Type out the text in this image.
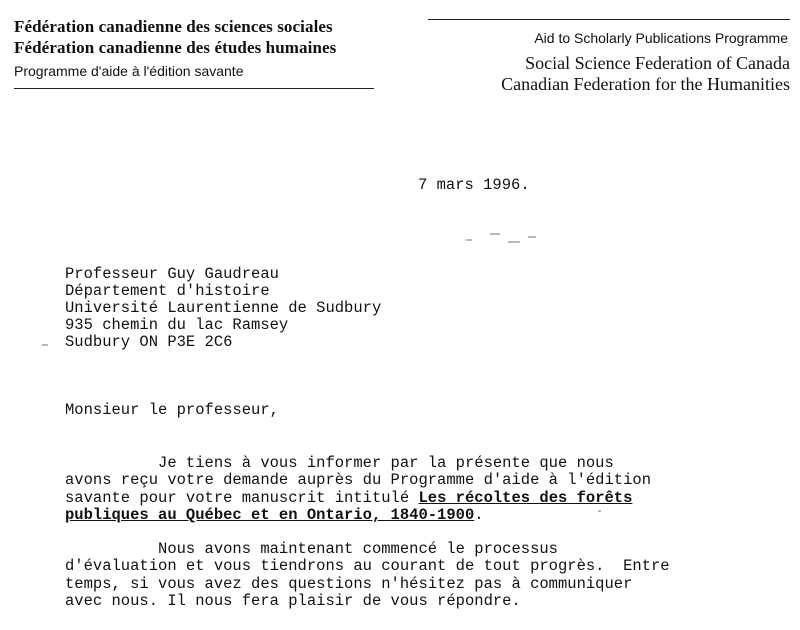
Fédération canadienne des sciences sociales
Fédération canadienne des études humaines
Programme d'aide à l'édition savante
Aid to Scholarly Publications Programme
Social Science Federation of Canada
Canadian Federation for the Humanities
7 mars 1996.
Professeur Guy Gaudreau
Département d'histoire
Université Laurentienne de Sudbury
935 chemin du lac Ramsey
Sudbury ON P3E 2C6
Monsieur le professeur,
Je tiens à vous informer par la présente que nous
avons reçu votre demande auprès du Programme d'aide à l'édition
savante pour votre manuscrit intitulé Les récoltes des forêts
publiques au Québec et en Ontario, 1840-1900.
Nous avons maintenant commencé le processus
d'évaluation et vous tiendrons au courant de tout progrès.  Entre
temps, si vous avez des questions n'hésitez pas à communiquer
avec nous. Il nous fera plaisir de vous répondre.
